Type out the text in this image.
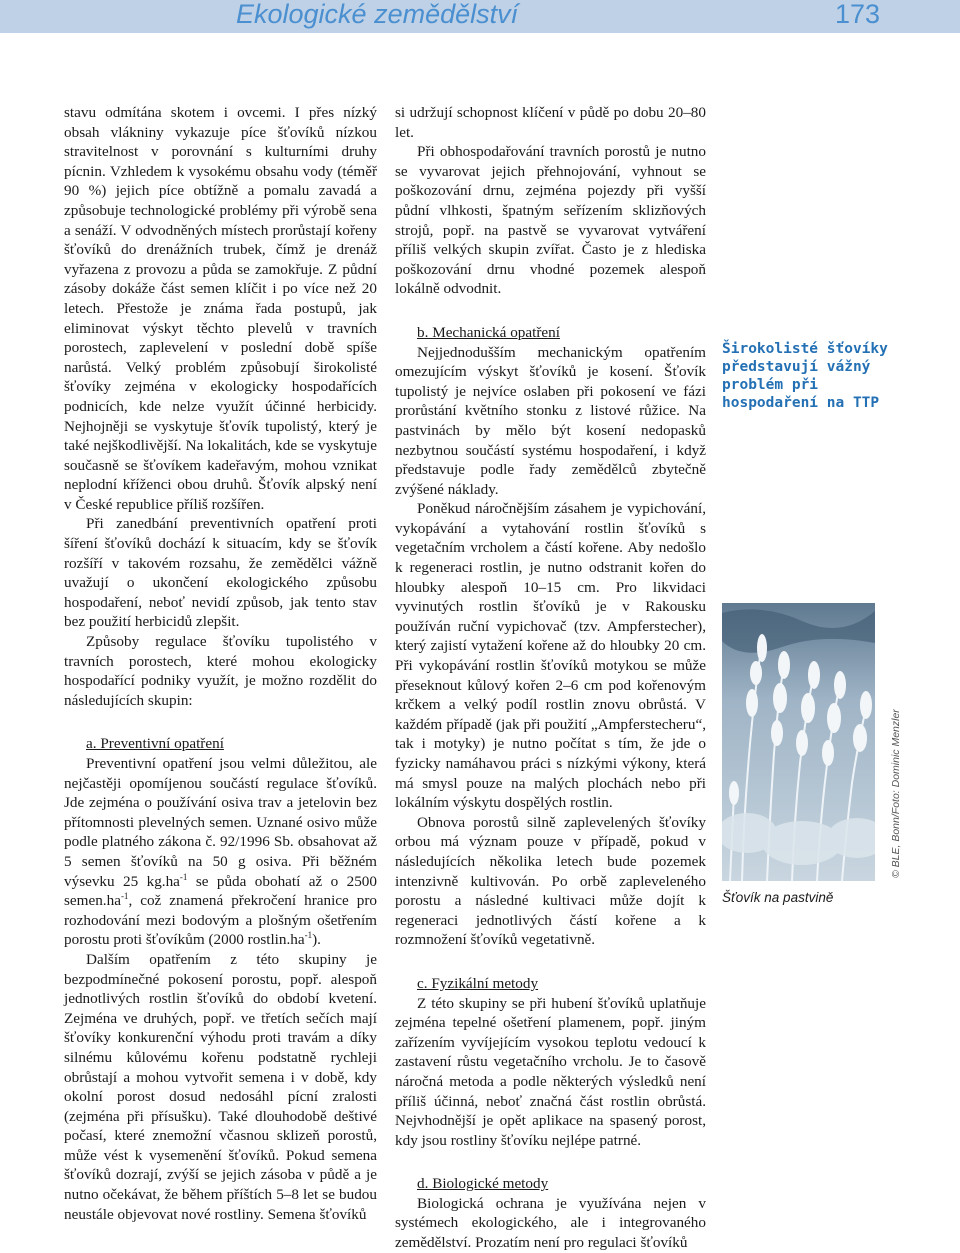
Ekologické zemědělství	173

stavu odmítána skotem i ovcemi. I přes nízký obsah vlákniny vykazuje píce šťovíků nízkou stravitelnost v porovnání s kulturními druhy pícnin. Vzhledem k vysokému obsahu vody (téměř 90 %) jejich píce obtížně a pomalu zavadá a způsobuje technologické problémy při výrobě sena a senáží. V odvodněných místech prorůstají kořeny šťovíků do drenážních trubek, čímž je drenáž vyřazena z provozu a půda se zamokřuje. Z půdní zásoby dokáže část semen klíčit i po více než 20 letech. Přestože je známa řada postupů, jak eliminovat výskyt těchto plevelů v travních porostech, zaplevelení v poslední době spíše narůstá. Velký problém způsobují širokolisté šťovíky zejména v ekologicky hospodařících podnicích, kde nelze využít účinné herbicidy. Nejhojněji se vyskytuje šťovík tupolistý, který je také nejškodlivější. Na lokalitách, kde se vyskytuje současně se šťovíkem kadeřavým, mohou vznikat neplodní kříženci obou druhů. Šťovík alpský není v České republice příliš rozšířen.

Při zanedbání preventivních opatření proti šíření šťovíků dochází k situacím, kdy se šťovík rozšíří v takovém rozsahu, že zemědělci vážně uvažují o ukončení ekologického způsobu hospodaření, neboť nevidí způsob, jak tento stav bez použití herbicidů zlepšit.

Způsoby regulace šťovíku tupolistého v travních porostech, které mohou ekologicky hospodařící podniky využít, je možno rozdělit do následujících skupin:

a. Preventivní opatření

Preventivní opatření jsou velmi důležitou, ale nejčastěji opomíjenou součástí regulace šťovíků. Jde zejména o používání osiva trav a jetelovin bez přítomnosti plevelných semen. Uznané osivo může podle platného zákona č. 92/1996 Sb. obsahovat až 5 semen šťovíků na 50 g osiva. Při běžném výsevku 25 $kg.ha^{-1}$ se půda obohatí až o 2500 $semen.ha^{-1}$, což znamená překročení hranice pro rozhodování mezi bodovým a plošným ošetřením porostu proti šťovíkům (2000 $rostlin.ha^{-1}$).

Dalším opatřením z této skupiny je bezpodmínečné pokosení porostu, popř. alespoň jednotlivých rostlin šťovíků do období kvetení. Zejména ve druhých, popř. ve třetích sečích mají šťovíky konkurenční výhodu proti travám a díky silnému kůlovému kořenu podstatně rychleji obrůstají a mohou vytvořit semena i v době, kdy okolní porost dosud nedosáhl pícní zralosti (zejména při přísušku). Také dlouhodobě deštivé počasí, které znemožní včasnou sklizeň porostů, může vést k vysemenění šťovíků. Pokud semena šťovíků dozrají, zvýší se jejich zásoba v půdě a je nutno očekávat, že během příštích 5–8 let se budou neustále objevovat nové rostliny. Semena šťovíků

si udržují schopnost klíčení v půdě po dobu 20–80 let.

Při obhospodařování travních porostů je nutno se vyvarovat jejich přehnojování, vyhnout se poškozování drnu, zejména pojezdy při vyšší půdní vlhkosti, špatným seřízením sklizňových strojů, popř. na pastvě se vyvarovat vytváření příliš velkých skupin zvířat. Často je z hlediska poškozování drnu vhodné pozemek alespoň lokálně odvodnit.

b. Mechanická opatření

Nejjednodušším mechanickým opatřením omezujícím výskyt šťovíků je kosení. Šťovík tupolistý je nejvíce oslaben při pokosení ve fázi prorůstání květního stonku z listové růžice. Na pastvinách by mělo být kosení nedopasků nezbytnou součástí systému hospodaření, i když představuje podle řady zemědělců zbytečně zvýšené náklady.

Poněkud náročnějším zásahem je vypichování, vykopávání a vytahování rostlin šťovíků s vegetačním vrcholem a částí kořene. Aby nedošlo k regeneraci rostlin, je nutno odstranit kořen do hloubky alespoň 10–15 cm. Pro likvidaci vyvinutých rostlin šťovíků je v Rakousku používán ruční vypichovač (tzv. Ampferstecher), který zajistí vytažení kořene až do hloubky 20 cm. Při vykopávání rostlin šťovíků motykou se může přeseknout kůlový kořen 2–6 cm pod kořenovým krčkem a velký podíl rostlin znovu obrůstá. V každém případě (jak při použití „Ampferstecheru“, tak i motyky) je nutno počítat s tím, že jde o fyzicky namáhavou práci s nízkými výkony, která má smysl pouze na malých plochách nebo při lokálním výskytu dospělých rostlin.

Obnova porostů silně zaplevelených šťovíky orbou má význam pouze v případě, pokud v následujících několika letech bude pozemek intenzivně kultivován. Po orbě zapleveleného porostu a následné kultivaci může dojít k regeneraci jednotlivých částí kořene a k rozmnožení šťovíků vegetativně.

c. Fyzikální metody

Z této skupiny se při hubení šťovíků uplatňuje zejména tepelné ošetření plamenem, popř. jiným zařízením vyvíjejícím vysokou teplotu vedoucí k zastavení růstu vegetačního vrcholu. Je to časově náročná metoda a podle některých výsledků není příliš účinná, neboť značná část rostlin obrůstá. Nejvhodnější je opět aplikace na spasený porost, kdy jsou rostliny šťovíku nejlépe patrné.

d. Biologické metody

Biologická ochrana je využívána nejen v systémech ekologického, ale i integrovaného zemědělství. Prozatím není pro regulaci šťovíků

Širokolisté šťovíky představují vážný problém při hospodaření na TTP
© BLE, Bonn/Foto: Dominic Menzler
Šťovík na pastvině
